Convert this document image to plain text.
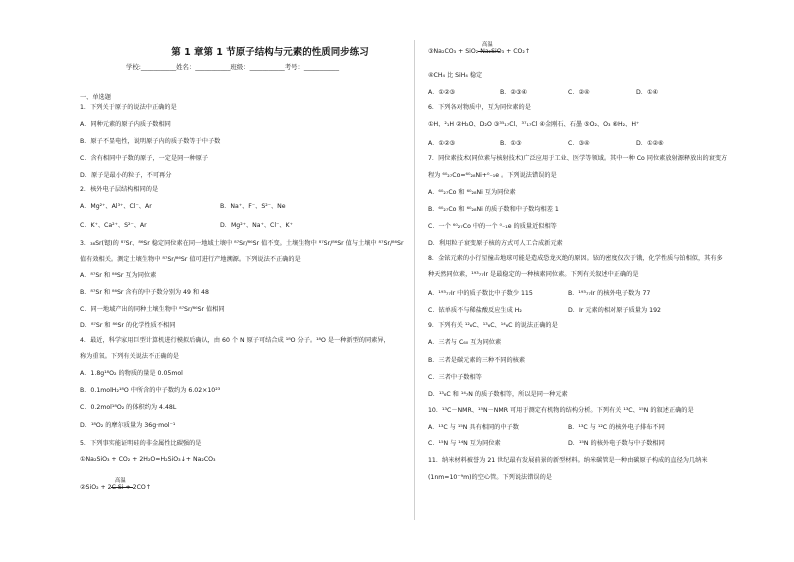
第 1 章第 1 节原子结构与元素的性质同步练习
学校:___________姓名：___________班级：___________考号：___________
一、单选题
1．下列关于原子的说法中正确的是
A．同种元素的原子内质子数相同
B．原子不显电性，说明原子内的质子数等于中子数
C．含有相同中子数的原子，一定是同一种原子
D．原子是最小的粒子，不可再分
2．核外电子层结构相同的是
A．Mg²⁺、Al³⁺、Cl⁻、Ar	B．Na⁺、F⁻、S²⁻、Ne
C．K⁺、Ca²⁺、S²⁻、Ar	D．Mg²⁺、Na⁺、Cl⁻、K⁺
3．₃₈Sr(锶)的 ⁸⁷Sr、⁸⁶Sr 稳定同位素在同一地域土壤中 ⁸⁷Sr/⁸⁶Sr 值不变。土壤生物中 ⁸⁷Sr/⁸⁶Sr 值与土壤中 ⁸⁷Sr/⁸⁶Sr
值有效相关。测定土壤生物中 ⁸⁷Sr/⁸⁶Sr 值可进行产地溯源。下列说法不正确的是
A．⁸⁷Sr 和 ⁸⁶Sr 互为同位素
B．⁸⁷Sr 和 ⁸⁶Sr 含有的中子数分别为 49 和 48
C．同一地域产出的同种土壤生物中 ⁸⁷Sr/⁸⁶Sr 值相同
D．⁸⁷Sr 和 ⁸⁶Sr 的化学性质不相同
4．最近，科学家用巨型计算机进行模拟后确认，由 60 个 N 原子可结合成 ¹⁸O 分子。¹⁸O 是一种新型的同素异，
称为重氧。下列有关说法不正确的是
A．1.8g¹⁸O₂ 的物质的量是 0.05mol
B．0.1molH₂¹⁸O 中所含的中子数约为 6.02×10²³
C．0.2mol¹⁸O₂ 的体积约为 4.48L
D．¹⁸O₂ 的摩尔质量为 36g·mol⁻¹
5．下列事实能证明硅的非金属性比碳强的是
①Na₂SiO₃ + CO₂ + 2H₂O=H₂SiO₃↓+ Na₂CO₃
②SiO₂ + 2C Si + 2CO↑
③Na₂CO₃ + SiO₂ Na₂SiO₃ + CO₂↑
④CH₄ 比 SiH₄ 稳定
A．①②③	B．②③④	C．②④	D．①④
6．下列各对物质中，互为同位素的是
①H、²₁H ②H₂O、D₂O ③³⁵₁₇Cl、³⁷₁₇Cl ④金刚石、石墨 ⑤O₂、O₃ ⑥H₂、H⁺
A．①②③	B．①③	C．③④	D．①②⑥
7．同位素技术(同位素与核射技术)广泛应用于工业、医学等领域。其中一种 Co 同位素放射源释放出的衰变方
程为 ⁶⁰₂₇Co=⁶⁰₂₈Ni+⁰₋₁e 。下列说法错误的是
A．⁶⁰₂₇Co 和 ⁶⁰₂₈Ni 互为同位素
B．⁶⁰₂₇Co 和 ⁶⁰₂₈Ni 的质子数和中子数均相差 1
C．一个 ⁶⁰₂₇Co 中的一个 ⁰₋₁e 的质量近似相等
D．利用粒子衰变原子核的方式可人工合成新元素
8．金铱元素的小行星撞击地球可能是造成恐龙灭绝的原因。铱的密度仅次于锇，化学性质与铂相似，其有多
种天然同位素，¹⁹³₇₇Ir 是最稳定的一种核素同位素。下列有关叙述中正确的是
A．¹⁹³₇₇Ir 中的质子数比中子数少 115	B．¹⁹³₇₇Ir 的核外电子数为 77
C．铱单质不与稀盐酸反应生成 H₂	D．Ir 元素的相对原子质量为 192
9．下列有关 ¹²₆C、¹³₆C、¹⁴₆C 的说法正确的是
A．三者与 C₆₀ 互为同位素
B．三者是碳元素的三种不同的核素
C．三者中子数相等
D．¹³₆C 和 ¹⁴₇N 的质子数相等，所以是同一种元素
10．¹³C－NMR、¹⁵N－NMR 可用于测定有机物的结构分析。下列有关 ¹³C、¹⁵N 的叙述正确的是
A．¹³C 与 ¹⁵N 具有相同的中子数	B．¹³C 与 ¹²C 的核外电子排布不同
C．¹⁵N 与 ¹⁴N 互为同位素	D．¹⁵N 的核外电子数与中子数相同
11．纳米材料被誉为 21 世纪最有发展前景的新型材料。纳米碳管是一种由碳原子构成的直径为几纳米
(1nm=10⁻⁹m)的空心管。下列说法错误的是
高温
高温
